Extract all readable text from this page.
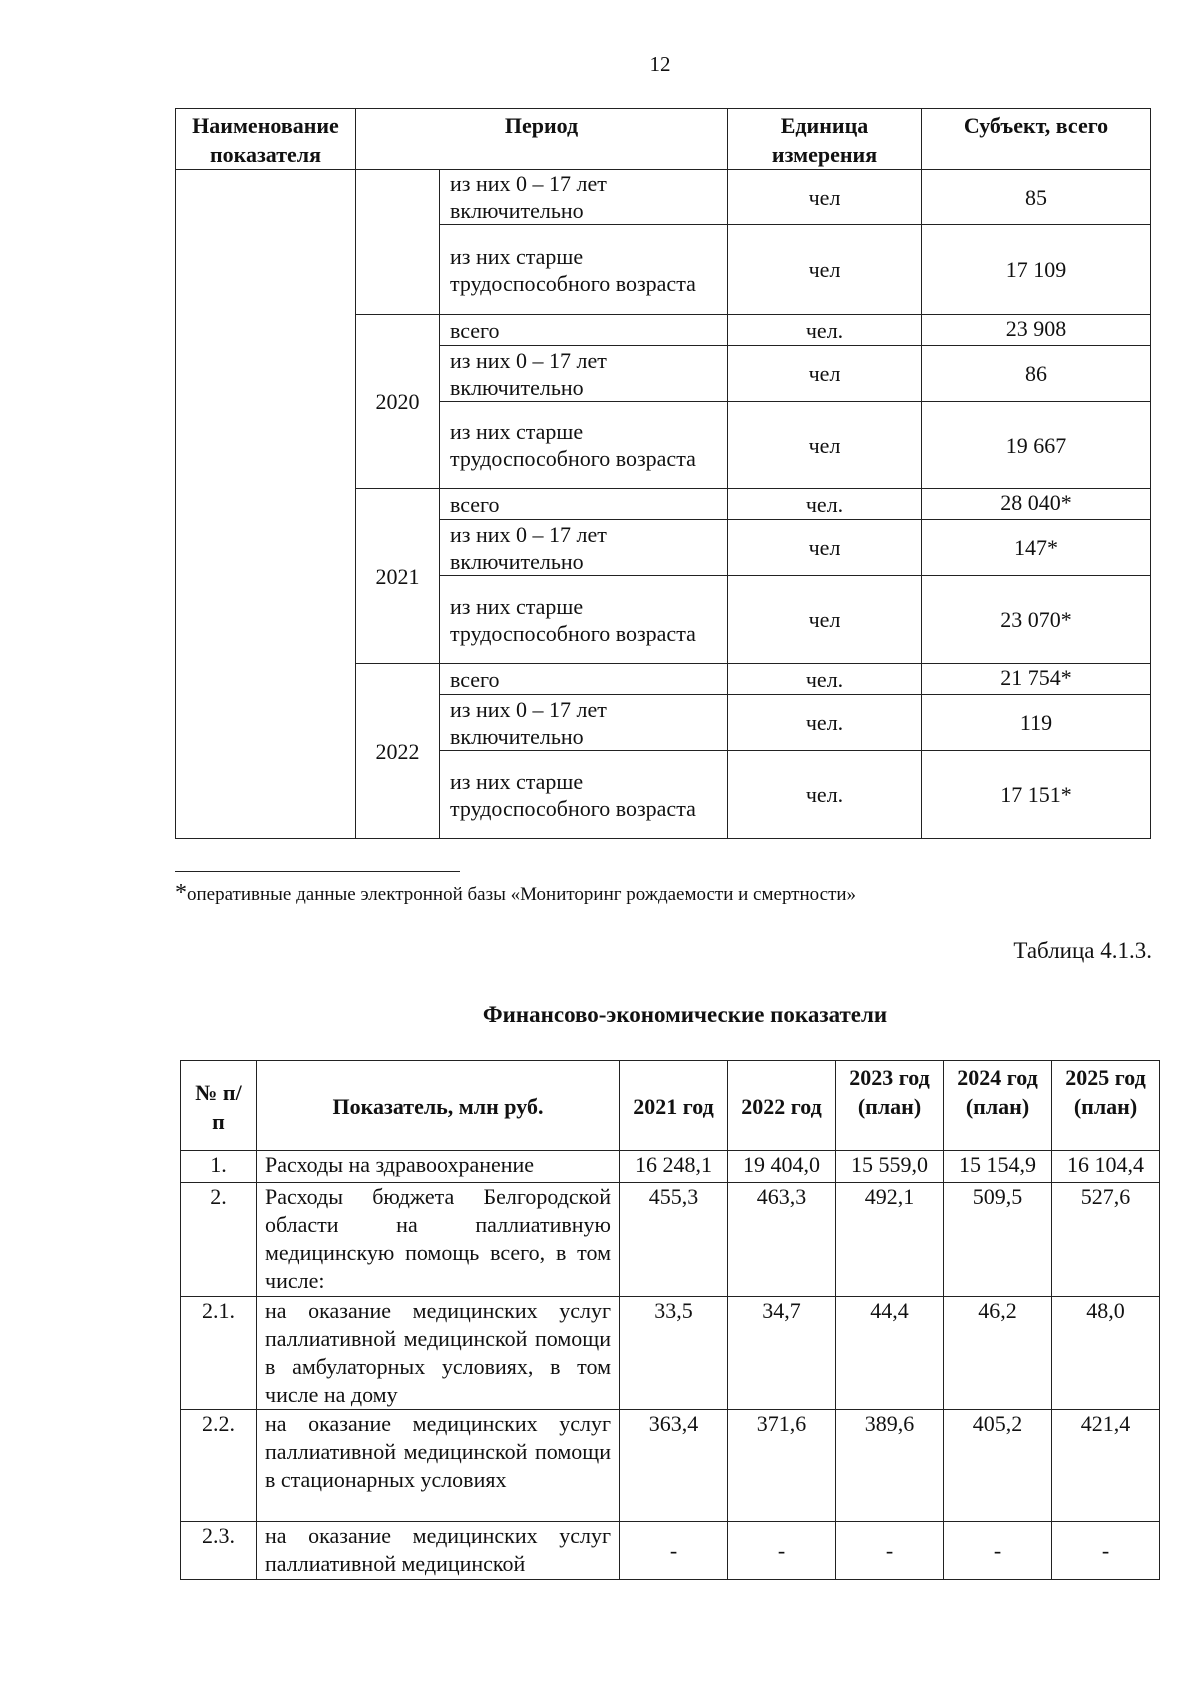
12
Наименование показателя	Период		Единица измерения	Субъект, всего
		из них 0 – 17 лет включительно	чел	85
		из них старше трудоспособного возраста	чел	17 109
	2020	всего	чел.	23 908
		из них 0 – 17 лет включительно	чел	86
		из них старше трудоспособного возраста	чел	19 667
	2021	всего	чел.	28 040*
		из них 0 – 17 лет включительно	чел	147*
		из них старше трудоспособного возраста	чел	23 070*
	2022	всего	чел.	21 754*
		из них 0 – 17 лет включительно	чел.	119
		из них старше трудоспособного возраста	чел.	17 151*
*оперативные данные электронной базы «Мониторинг рождаемости и смертности»
Таблица 4.1.3.
Финансово-экономические показатели
№ п/п	Показатель, млн руб.	2021 год	2022 год	2023 год (план)	2024 год (план)	2025 год (план)
1.	Расходы на здравоохранение	16 248,1	19 404,0	15 559,0	15 154,9	16 104,4
2.	Расходы бюджета Белгородской области на паллиативную медицинскую помощь всего, в том числе:	455,3	463,3	492,1	509,5	527,6
2.1.	на оказание медицинских услуг паллиативной медицинской помощи в амбулаторных условиях, в том числе на дому	33,5	34,7	44,4	46,2	48,0
2.2.	на оказание медицинских услуг паллиативной медицинской помощи в стационарных условиях	363,4	371,6	389,6	405,2	421,4
2.3.	на оказание медицинских услуг паллиативной медицинской	-	-	-	-	-
